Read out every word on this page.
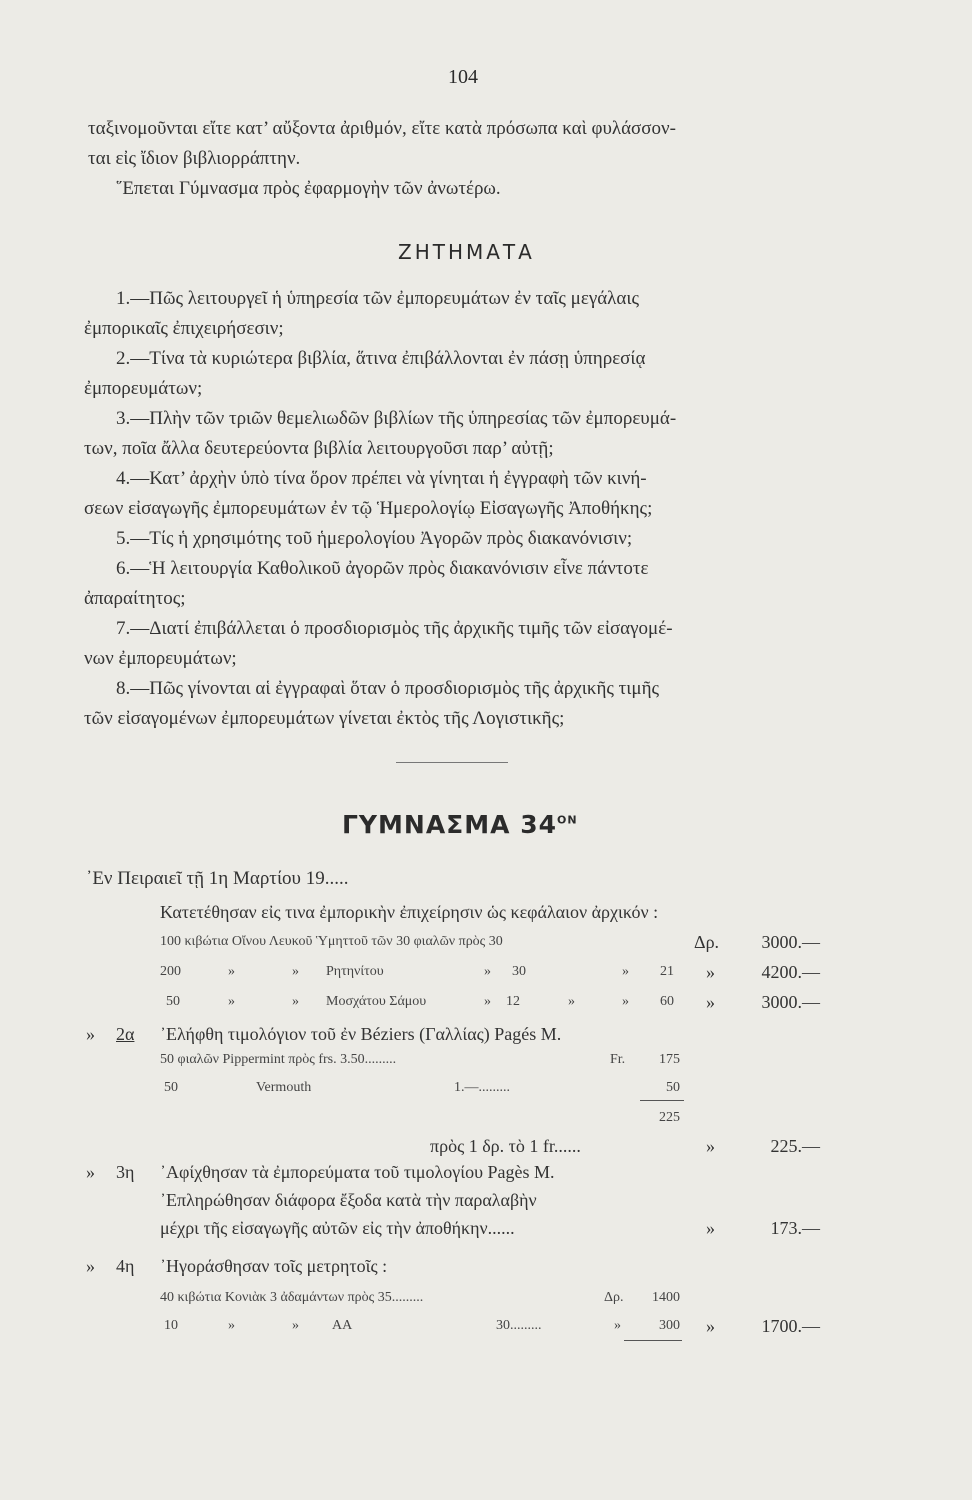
104
ταξινομοῦνται εἴτε κατ’ αὔξοντα ἀριθμόν, εἴτε κατὰ πρόσωπα καὶ φυλάσσον-
ται εἰς ἴδιον βιβλιορράπτην.
῞Επεται Γύμνασμα πρὸς ἐφαρμογὴν τῶν ἀνωτέρω.
ΖΗΤΗΜΑΤΑ
1.—Πῶς λειτουργεῖ ἡ ὑπηρεσία τῶν ἐμπορευμάτων ἐν ταῖς μεγάλαις
ἐμπορικαῖς ἐπιχειρήσεσιν;
2.—Τίνα τὰ κυριώτερα βιβλία, ἅτινα ἐπιβάλλονται ἐν πάσῃ ὑπηρεσίᾳ
ἐμπορευμάτων;
3.—Πλὴν τῶν τριῶν θεμελιωδῶν βιβλίων τῆς ὑπηρεσίας τῶν ἐμπορευμά-
των, ποῖα ἄλλα δευτερεύοντα βιβλία λειτουργοῦσι παρ’ αὐτῇ;
4.—Κατ’ ἀρχὴν ὑπὸ τίνα ὅρον πρέπει νὰ γίνηται ἡ ἐγγραφὴ τῶν κινή-
σεων εἰσαγωγῆς ἐμπορευμάτων ἐν τῷ Ἡμερολογίῳ Εἰσαγωγῆς Ἀποθήκης;
5.—Τίς ἡ χρησιμότης τοῦ ἡμερολογίου Ἀγορῶν πρὸς διακανόνισιν;
6.—Ἡ λειτουργία Καθολικοῦ ἀγορῶν πρὸς διακανόνισιν εἶνε πάντοτε
ἀπαραίτητος;
7.—Διατί ἐπιβάλλεται ὁ προσδιορισμὸς τῆς ἀρχικῆς τιμῆς τῶν εἰσαγομέ-
νων ἐμπορευμάτων;
8.—Πῶς γίνονται αἱ ἐγγραφαὶ ὅταν ὁ προσδιορισμὸς τῆς ἀρχικῆς τιμῆς
τῶν εἰσαγομένων ἐμπορευμάτων γίνεται ἐκτὸς τῆς Λογιστικῆς;
ΓΥΜΝΑΣΜΑ $34^{ON}$
᾿Εν Πειραιεῖ τῇ 1η Μαρτίου 19.....
Κατετέθησαν εἰς τινα ἐμπορικὴν ἐπιχείρησιν ὡς κεφάλαιον ἀρχικόν :
100 κιβώτια Οἴνου Λευκοῦ Ὑμηττοῦ τῶν 30 φιαλῶν πρὸς 30	Δρ.	3000.—
200	»	» Ρητηνίτου	» 30	» 21 »	4200.—
50	»	» Μοσχάτου Σάμου	» 12	»	» 60 »	3000.—
» 2α ᾿Ελήφθη τιμολόγιον τοῦ ἐν Béziers (Γαλλίας) Pagés M.
50 φιαλῶν Pippermint πρὸς frs. 3.50.........	Fr.	175
50	Vermouth	1.—.........	50
225
πρὸς 1 δρ. τὸ 1 fr......	»	225.—
» 3η ᾿Αφίχθησαν τὰ ἐμπορεύματα τοῦ τιμολογίου Pagès M.
᾿Επληρώθησαν διάφορα ἔξοδα κατὰ τὴν παραλαβὴν
μέχρι τῆς εἰσαγωγῆς αὐτῶν εἰς τὴν ἀποθήκην......	»	173.—
» 4η ᾿Ηγοράσθησαν τοῖς μετρητοῖς :
40 κιβώτια Κονιὰκ 3 ἀδαμάντων πρὸς 35.........	Δρ.	1400
10	»	» ΑΑ	30.........	»	300 »	1700.—
